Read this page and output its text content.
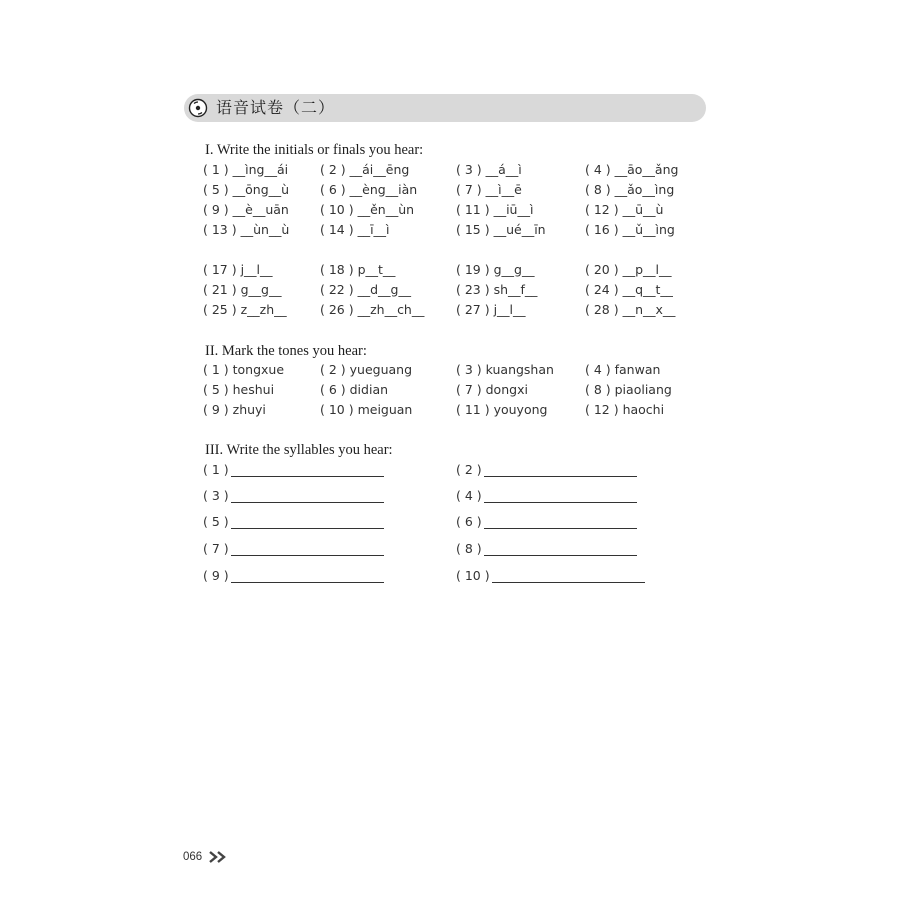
语音试卷（二）
I. Write the initials or finals you hear:
( 1 ) __ìng__ái	( 2 ) __ái__ēng	( 3 ) __á__ì	( 4 ) __āo__ǎng
( 5 ) __ōng__ù ( 6 ) __èng__iàn	( 7 ) __ì__ē	( 8 ) __ǎo__ìng
( 9 ) __è__uān ( 10 ) __ěn__ùn	( 11 ) __iū__ì	( 12 ) __ū__ù
( 13 ) __ùn__ù ( 14 ) __ī__ì	( 15 ) __ué__īn	( 16 ) __ǔ__ìng
( 17 ) j__l__	( 18 ) p__t__	( 19 ) g__g__	( 20 ) __p__l__
( 21 ) g__g__	( 22 ) __d__g__	( 23 ) sh__f__	( 24 ) __q__t__
( 25 ) z__zh__	( 26 ) __zh__ch__	( 27 ) j__l__	( 28 ) __n__x__
II. Mark the tones you hear:
( 1 ) tongxue	( 2 ) yueguang	( 3 ) kuangshan ( 4 ) fanwan
( 5 ) heshui	( 6 ) didian	( 7 ) dongxi	( 8 ) piaoliang
( 9 ) zhuyi	( 10 ) meiguan	( 11 ) youyong	( 12 ) haochi
III. Write the syllables you hear:
( 1 )	( 2 )
( 3 )	( 4 )
( 5 )	( 6 )
( 7 )	( 8 )
( 9 )	( 10 )
066
